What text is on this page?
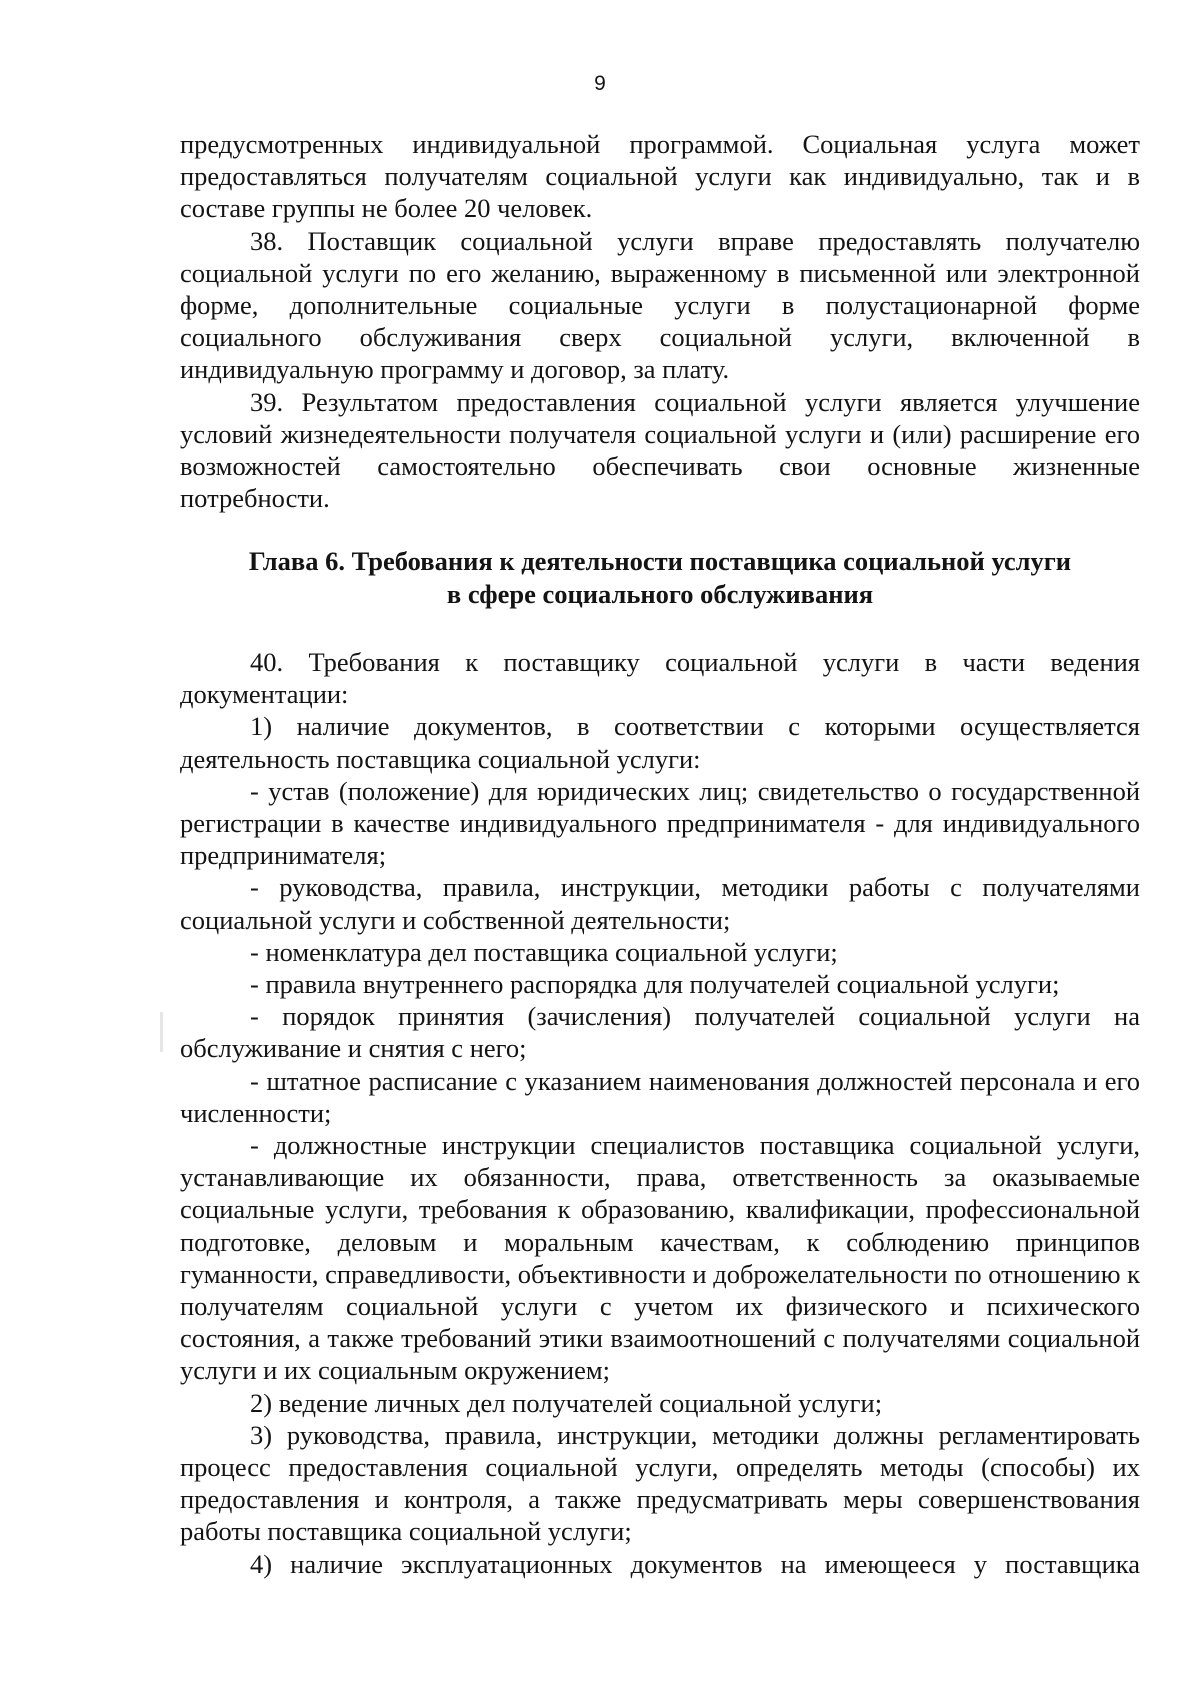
9

предусмотренных индивидуальной программой. Социальная услуга может предоставляться получателям социальной услуги как индивидуально, так и в составе группы не более 20 человек.

38. Поставщик социальной услуги вправе предоставлять получателю социальной услуги по его желанию, выраженному в письменной или электронной форме, дополнительные социальные услуги в полустационарной форме социального обслуживания сверх социальной услуги, включенной в индивидуальную программу и договор, за плату.

39. Результатом предоставления социальной услуги является улучшение условий жизнедеятельности получателя социальной услуги и (или) расширение его возможностей самостоятельно обеспечивать свои основные жизненные потребности.

Глава 6. Требования к деятельности поставщика социальной услуги
в сфере социального обслуживания

40. Требования к поставщику социальной услуги в части ведения документации:

1) наличие документов, в соответствии с которыми осуществляется деятельность поставщика социальной услуги:

- устав (положение) для юридических лиц; свидетельство о государственной регистрации в качестве индивидуального предпринимателя - для индивидуального предпринимателя;

- руководства, правила, инструкции, методики работы с получателями социальной услуги и собственной деятельности;

- номенклатура дел поставщика социальной услуги;

- правила внутреннего распорядка для получателей социальной услуги;

- порядок принятия (зачисления) получателей социальной услуги на обслуживание и снятия с него;

- штатное расписание с указанием наименования должностей персонала и его численности;

- должностные инструкции специалистов поставщика социальной услуги, устанавливающие их обязанности, права, ответственность за оказываемые социальные услуги, требования к образованию, квалификации, профессиональной подготовке, деловым и моральным качествам, к соблюдению принципов гуманности, справедливости, объективности и доброжелательности по отношению к получателям социальной услуги с учетом их физического и психического состояния, а также требований этики взаимоотношений с получателями социальной услуги и их социальным окружением;

2) ведение личных дел получателей социальной услуги;

3) руководства, правила, инструкции, методики должны регламентировать процесс предоставления социальной услуги, определять методы (способы) их предоставления и контроля, а также предусматривать меры совершенствования работы поставщика социальной услуги;

4) наличие эксплуатационных документов на имеющееся у поставщика
